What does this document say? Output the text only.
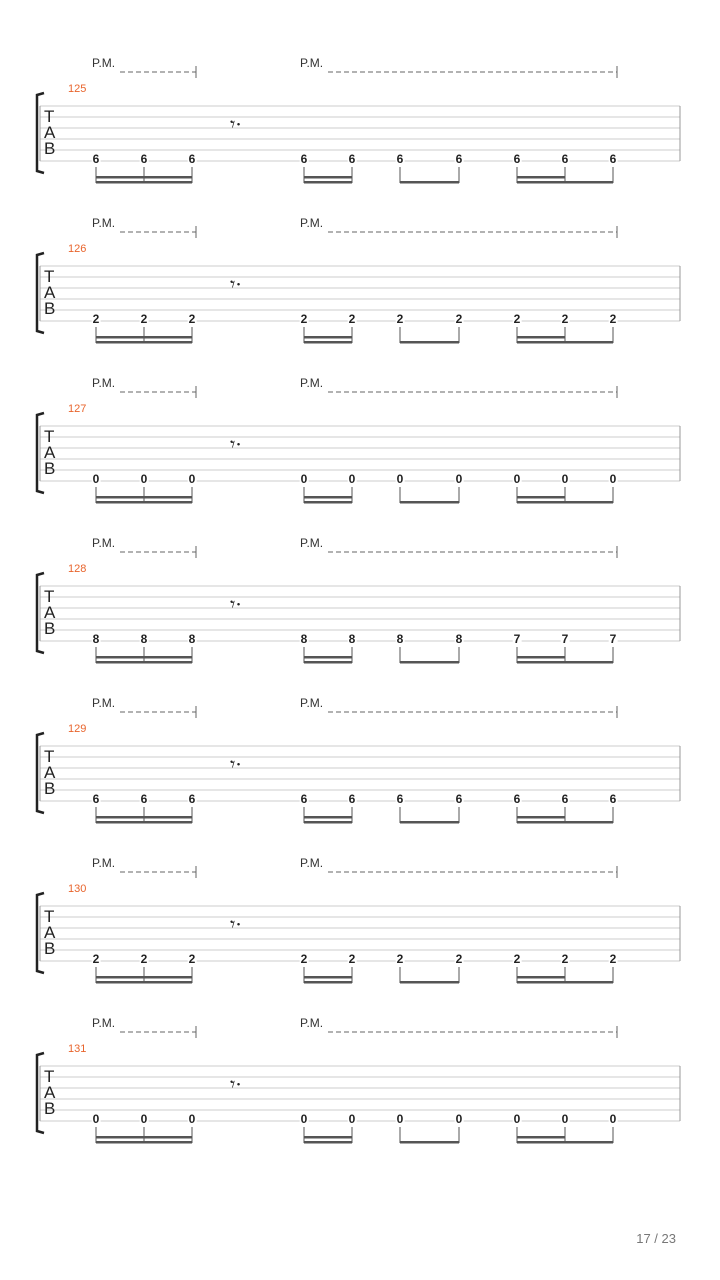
P.M.	P.M.
125
T
A
B
𝄾·
6	6	6	6	6	6	6	6	6	6
P.M.	P.M.
126
T
A
B
𝄾·
2	2	2	2	2	2	2	2	2	2
P.M.	P.M.
127
T
A
B
𝄾·
0	0	0	0	0	0	0	0	0	0
P.M.	P.M.
128
T
A
B
𝄾·
8	8	8	8	8	8	8	7	7	7
P.M.	P.M.
129
T
A
B
𝄾·
6	6	6	6	6	6	6	6	6	6
P.M.	P.M.
130
T
A
B
𝄾·
2	2	2	2	2	2	2	2	2	2
P.M.	P.M.
131
T
A
B
𝄾·
0	0	0	0	0	0	0	0	0	0
17 / 23
